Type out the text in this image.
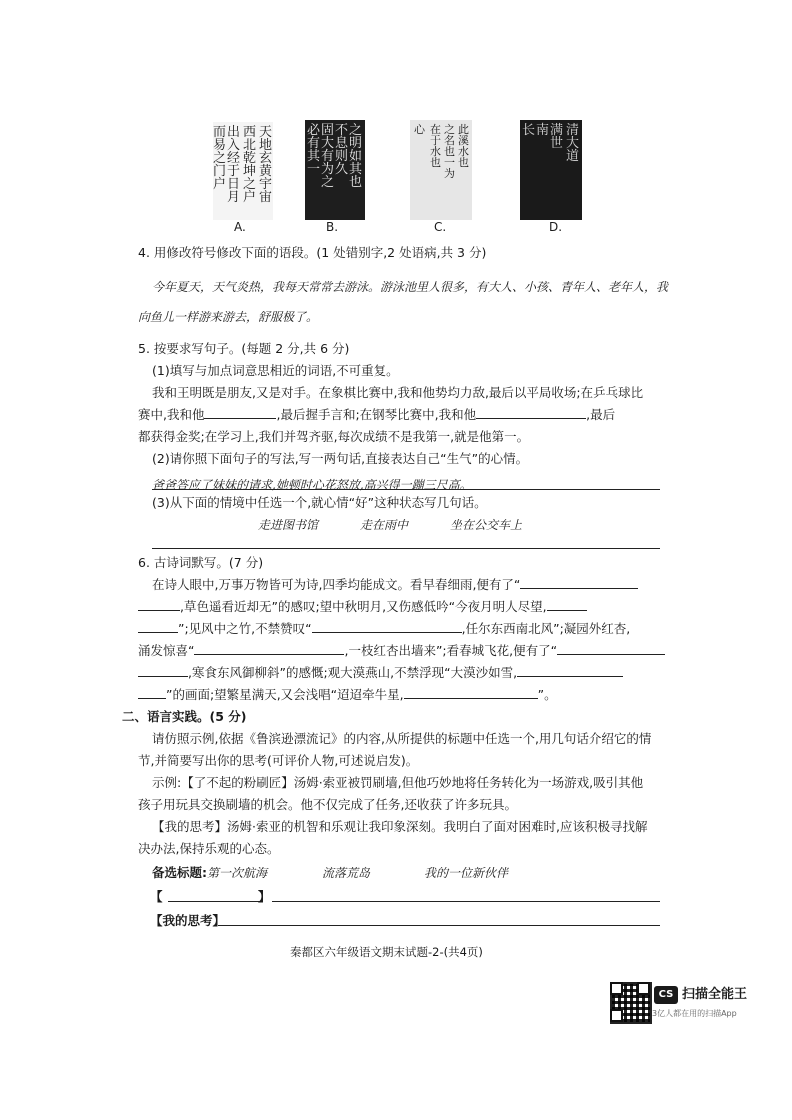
天地玄黄宇宙
西北乾坤之户
出入经于日月
而易之门户
A.
之明如其也
不息则久
固大有为之
必有其一
B.
此溪水也
之名也一为
在于水也
心
C.
清大道
满世
南
长
D.
4. 用修改符号修改下面的语段。(1 处错别字,2 处语病,共 3 分)
今年夏天，天气炎热，我每天常常去游泳。游泳池里人很多，有大人、小孩、青年人、老年人，我
向鱼儿一样游来游去，舒服极了。
5. 按要求写句子。(每题 2 分,共 6 分)
(1)填写与加点词意思相近的词语,不可重复。
我和王明既是朋友,又是对手。在象棋比赛中,我和他势均力敌,最后以平局收场;在乒乓球比
赛中,我和他	,最后握手言和;在钢琴比赛中,我和他	,最后
都获得金奖;在学习上,我们并驾齐驱,每次成绩不是我第一,就是他第一。
(2)请你照下面句子的写法,写一两句话,直接表达自己“生气”的心情。
爸爸答应了妹妹的请求,她顿时心花怒放,高兴得一蹦三尺高。
(3)从下面的情境中任选一个,就心情“好”这种状态写几句话。
走进图书馆	走在雨中	坐在公交车上
6. 古诗词默写。(7 分)
在诗人眼中,万事万物皆可为诗,四季均能成文。看早春细雨,便有了“
,草色遥看近却无”的感叹;望中秋明月,又伤感低吟“今夜月明人尽望,
”;见风中之竹,不禁赞叹“	,任尔东西南北风”;凝园外红杏,
涌发惊喜“	,一枝红杏出墙来”;看春城飞花,便有了“
,寒食东风御柳斜”的感慨;观大漠燕山,不禁浮现“大漠沙如雪,
”的画面;望繁星满天,又会浅唱“迢迢牵牛星,	”。
二、语言实践。(5 分)
请仿照示例,依据《鲁滨逊漂流记》的内容,从所提供的标题中任选一个,用几句话介绍它的情
节,并简要写出你的思考(可评价人物,可述说启发)。
示例:【了不起的粉刷匠】汤姆·索亚被罚刷墙,但他巧妙地将任务转化为一场游戏,吸引其他
孩子用玩具交换刷墙的机会。他不仅完成了任务,还收获了许多玩具。
【我的思考】汤姆·索亚的机智和乐观让我印象深刻。我明白了面对困难时,应该积极寻找解
决办法,保持乐观的心态。
备选标题:第一次航海	流落荒岛	我的一位新伙伴
【	】
【我的思考】
秦都区六年级语文期末试题-2-(共4页)
CS 扫描全能王
3亿人都在用的扫描App
